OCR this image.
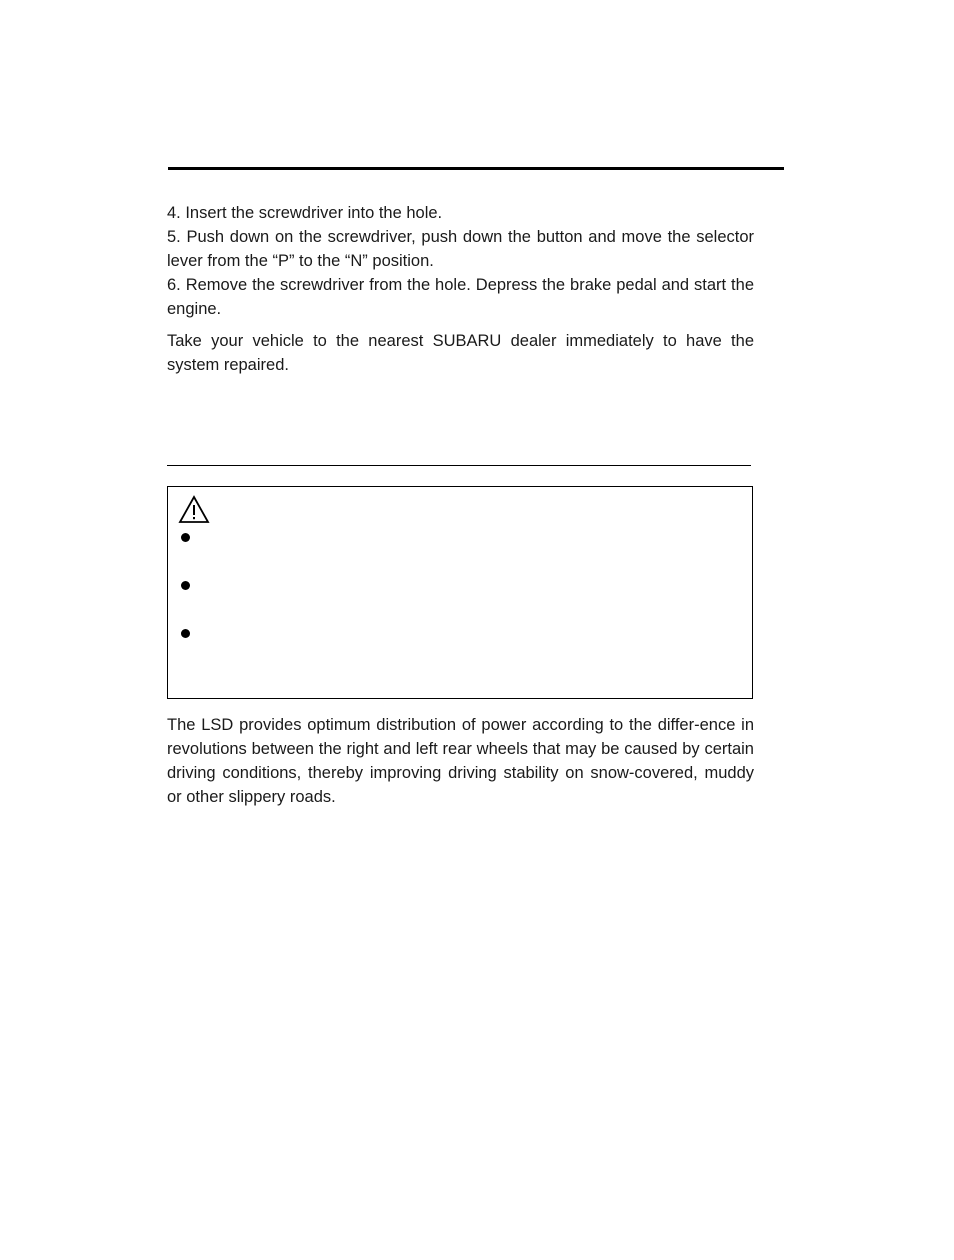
4. Insert the screwdriver into the hole.

5. Push down on the screwdriver, push down the button and move the selector lever from the “P” to the “N” position.

6. Remove the screwdriver from the hole. Depress the brake pedal and start the engine.

Take your vehicle to the nearest SUBARU dealer immediately to have the system repaired.

The LSD provides optimum distribution of power according to the differ-ence in revolutions between the right and left rear wheels that may be caused by certain driving conditions, thereby improving driving stability on snow-covered, muddy or other slippery roads.
